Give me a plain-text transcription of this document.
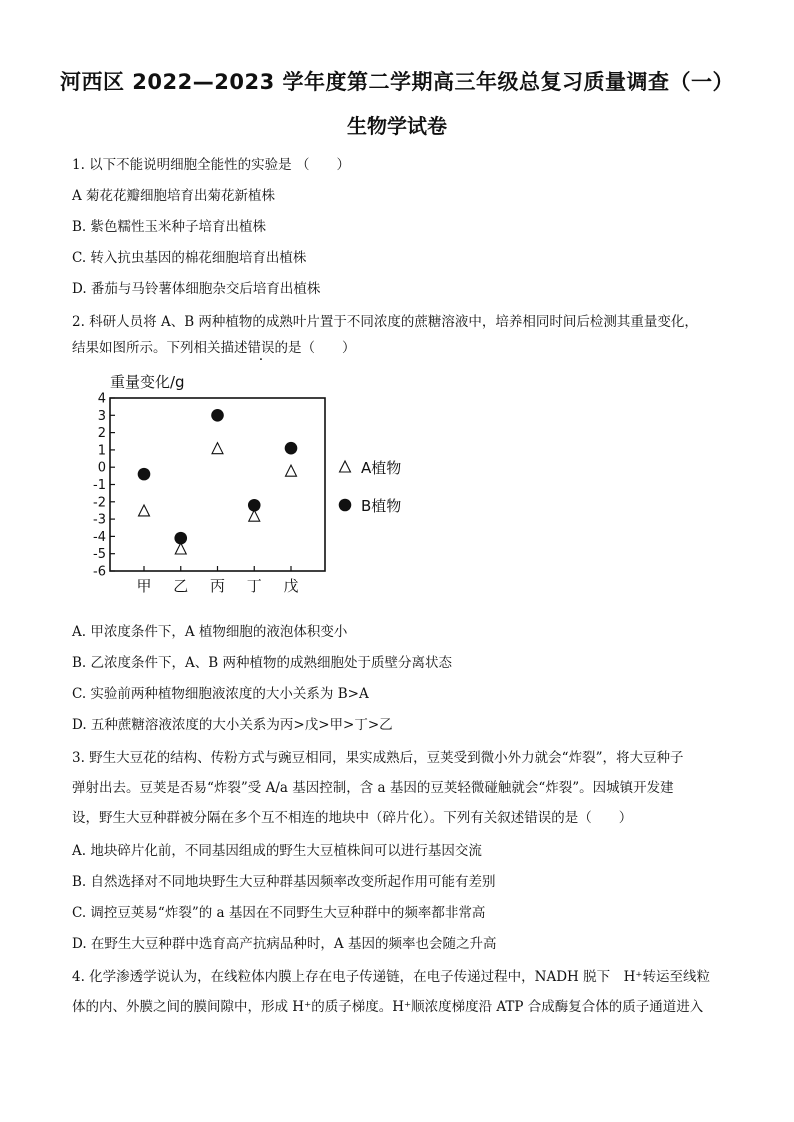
河西区 2022—2023 学年度第二学期高三年级总复习质量调查（一）
生物学试卷
1. 以下不能说明细胞全能性的实验是 （　　）
A 菊花花瓣细胞培育出菊花新植株
B. 紫色糯性玉米种子培育出植株
C. 转入抗虫基因的棉花细胞培育出植株
D. 番茄与马铃薯体细胞杂交后培育出植株
2. 科研人员将 A、B 两种植物的成熟叶片置于不同浓度的蔗糖溶液中，培养相同时间后检测其重量变化，
结果如图所示。下列相关描述错误的是（　　）
重量变化/g
4
3
2
1
0
-1
-2
-3
-4
-5
-6
甲 乙 丙 丁 戊
A植物
B植物
A. 甲浓度条件下，A 植物细胞的液泡体积变小
B. 乙浓度条件下，A、B 两种植物的成熟细胞处于质壁分离状态
C. 实验前两种植物细胞液浓度的大小关系为 B>A
D. 五种蔗糖溶液浓度的大小关系为丙>戊>甲>丁>乙
3. 野生大豆花的结构、传粉方式与豌豆相同，果实成熟后，豆荚受到微小外力就会“炸裂”，将大豆种子
弹射出去。豆荚是否易“炸裂”受 A/a 基因控制，含 a 基因的豆荚轻微碰触就会“炸裂”。因城镇开发建
设，野生大豆种群被分隔在多个互不相连的地块中（碎片化）。下列有关叙述错误的是（　　）
A. 地块碎片化前，不同基因组成的野生大豆植株间可以进行基因交流
B. 自然选择对不同地块野生大豆种群基因频率改变所起作用可能有差别
C. 调控豆荚易“炸裂”的 a 基因在不同野生大豆种群中的频率都非常高
D. 在野生大豆种群中选育高产抗病品种时，A 基因的频率也会随之升高
4. 化学渗透学说认为，在线粒体内膜上存在电子传递链，在电子传递过程中，NADH 脱下　H⁺转运至线粒
体的内、外膜之间的膜间隙中，形成 H⁺的质子梯度。H⁺顺浓度梯度沿 ATP 合成酶复合体的质子通道进入
